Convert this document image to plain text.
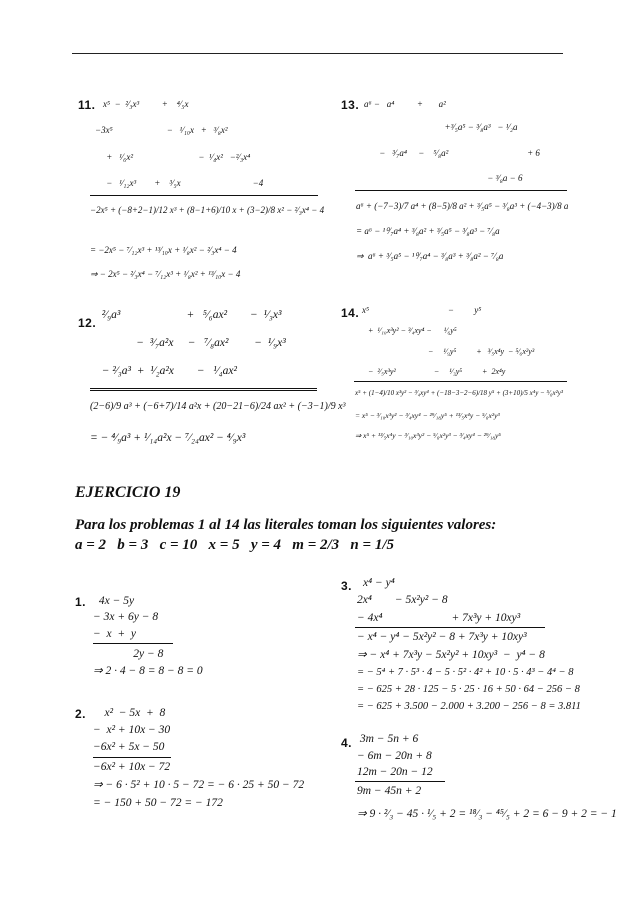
11. x⁵  −  ²⁄₃x³          +    ⁴⁄₅x
−3x⁵                        −   ¹⁄₁₀x   +   ³⁄₈x²
+   ¹⁄₆x²                             −  ¹⁄₄x²   −²⁄₃x⁴
−   ¹⁄₁₂x³        +    ³⁄₅x                                −4
−2x⁵ + (−8+2−1)/12 x³ + (8−1+6)/10 x + (3−2)/8 x² − ²⁄₃x⁴ − 4
= −2x⁵ − ⁷⁄₁₂x³ + ¹³⁄₁₀x + ¹⁄₈x² − ²⁄₃x⁴ − 4
⇒ − 2x⁵ − ²⁄₃x⁴ − ⁷⁄₁₂x³ + ¹⁄₈x² + ¹³⁄₁₀x − 4
13. a⁶ −   a⁴          +       a²
+³⁄₅a⁵ − ³⁄₈a³   − ¹⁄₂a
−   ³⁄₇a⁴     −    ⁵⁄₈a²                                   + 6
− ³⁄₈a − 6
a⁶ + (−7−3)/7 a⁴ + (8−5)/8 a² + ³⁄₅a⁵ − ³⁄₈a³ + (−4−3)/8 a
= a⁶ − ¹⁰⁄₇a⁴ + ³⁄₈a² + ³⁄₅a⁵ − ³⁄₈a³ − ⁷⁄₈a
⇒  a⁶ + ³⁄₅a⁵ − ¹⁰⁄₇a⁴ − ³⁄₈a³ + ³⁄₈a² − ⁷⁄₈a
12.
²⁄₉a³                       +   ⁵⁄₆ax²        −  ¹⁄₃x³
−  ³⁄₇a²x     −   ⁷⁄₈ax²         −  ¹⁄₉x³
− ²⁄₃a³  +  ¹⁄₂a²x        −   ¹⁄₄ax²
(2−6)/9 a³ + (−6+7)/14 a²x + (20−21−6)/24 ax² + (−3−1)/9 x³
= − ⁴⁄₉a³ + ¹⁄₁₄a²x − ⁷⁄₂₄ax² − ⁴⁄₉x³
14. x⁵                                   −         y⁵
+  ¹⁄₁₀x³y² − ³⁄₄xy⁴ −      ¹⁄₆y⁵
−     ¹⁄₉y⁵          +   ³⁄₅x⁴y  − ⁵⁄₆x²y³
−  ²⁄₅x³y²                   −     ¹⁄₃y⁵          +  2x⁴y
x⁵ + (1−4)/10 x³y² − ³⁄₄xy⁴ + (−18−3−2−6)/18 y⁵ + (3+10)/5 x⁴y − ⁵⁄₆x²y³
= x⁵ − ³⁄₁₀x³y² − ³⁄₄xy⁴ − ²⁹⁄₁₈y⁵ + ¹³⁄₅x⁴y − ⁵⁄₆x²y³
⇒ x⁵ + ¹³⁄₅x⁴y − ³⁄₁₀x³y² − ⁵⁄₆x²y³ − ³⁄₄xy⁴ − ²⁹⁄₁₈y⁵
EJERCICIO 19
Para los problemas 1 al 14 las literales toman los siguientes valores:
a = 2   b = 3   c = 10   x = 5   y = 4   m = 2/3   n = 1/5
1. 4x − 5y
− 3x + 6y − 8
−  x  +  y
2y − 8
⇒ 2 · 4 − 8 = 8 − 8 = 0
2. x²  − 5x  +  8
−  x² + 10x − 30
−6x² + 5x − 50
−6x² + 10x − 72
⇒ − 6 · 5² + 10 · 5 − 72 = − 6 · 25 + 50 − 72
= − 150 + 50 − 72 = − 172
3. x⁴ − y⁴
2x⁴        − 5x²y² − 8
− 4x⁴                        + 7x³y + 10xy³
− x⁴ − y⁴ − 5x²y² − 8 + 7x³y + 10xy³
⇒ − x⁴ + 7x³y − 5x²y² + 10xy³  −  y⁴ − 8
= − 5⁴ + 7 · 5³ · 4 − 5 · 5² · 4² + 10 · 5 · 4³ − 4⁴ − 8
= − 625 + 28 · 125 − 5 · 25 · 16 + 50 · 64 − 256 − 8
= − 625 + 3.500 − 2.000 + 3.200 − 256 − 8 = 3.811
4. 3m − 5n + 6
− 6m − 20n + 8
12m − 20n − 12
9m − 45n + 2
⇒ 9 · ²⁄₃ − 45 · ¹⁄₅ + 2 = ¹⁸⁄₃ − ⁴⁵⁄₅ + 2 = 6 − 9 + 2 = − 1
